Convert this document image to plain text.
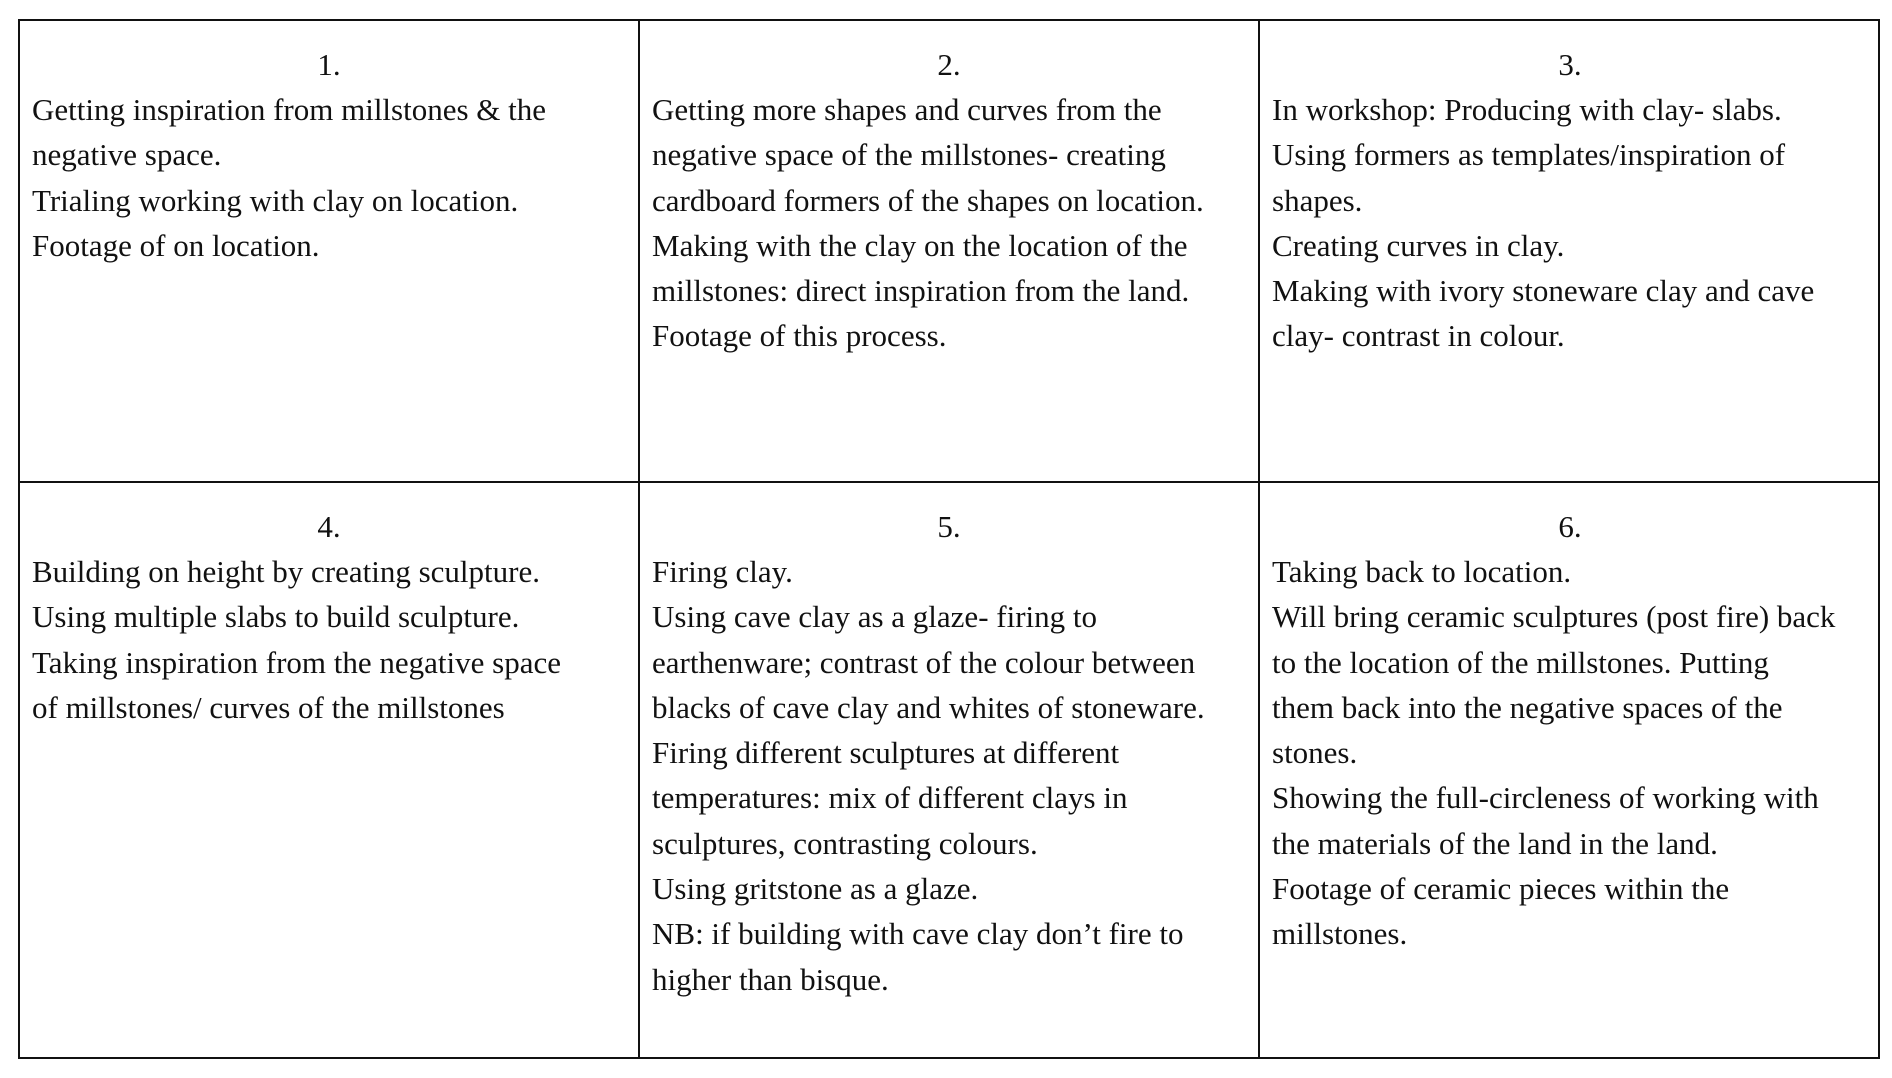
1.

Getting inspiration from millstones & the
negative space.
Trialing working with clay on location.
Footage of on location.

2.

Getting more shapes and curves from the
negative space of the millstones- creating
cardboard formers of the shapes on location.
Making with the clay on the location of the
millstones: direct inspiration from the land.
Footage of this process.

3.

In workshop: Producing with clay- slabs.
Using formers as templates/inspiration of
shapes.
Creating curves in clay.
Making with ivory stoneware clay and cave
clay- contrast in colour.

4.

Building on height by creating sculpture.
Using multiple slabs to build sculpture.
Taking inspiration from the negative space
of millstones/ curves of the millstones

5.

Firing clay.
Using cave clay as a glaze- firing to
earthenware; contrast of the colour between
blacks of cave clay and whites of stoneware.
Firing different sculptures at different
temperatures: mix of different clays in
sculptures, contrasting colours.
Using gritstone as a glaze.
NB: if building with cave clay don’t fire to
higher than bisque.

6.

Taking back to location.
Will bring ceramic sculptures (post fire) back
to the location of the millstones. Putting
them back into the negative spaces of the
stones.
Showing the full-circleness of working with
the materials of the land in the land.
Footage of ceramic pieces within the
millstones.
